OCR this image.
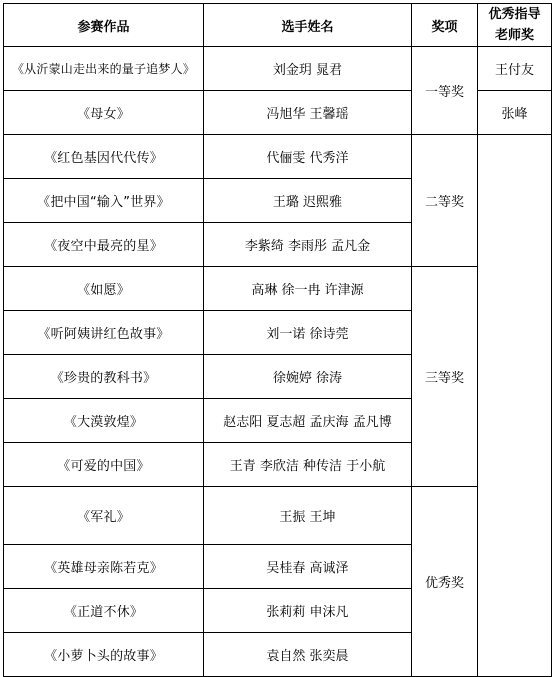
参赛作品	选手姓名	奖项	优秀指导
老师奖

《从沂蒙山走出来的量子追梦人》	刘金玥 晁君	一等奖	王付友
《母女》	冯旭华 王馨瑶		张峰
《红色基因代代传》	代俪雯 代秀洋	二等奖	
《把中国“输入”世界》	王璐 迟熙雅		
《夜空中最亮的星》	李紫绮 李雨彤 孟凡金		
《如愿》	高琳 徐一冉 许津源	三等奖	
《听阿姨讲红色故事》	刘一诺 徐诗莞		
《珍贵的教科书》	徐婉婷 徐涛		
《大漠敦煌》	赵志阳 夏志超 孟庆海 孟凡博		
《可爱的中国》	王青 李欣洁 种传洁 于小航		
《军礼》	王振 王坤	优秀奖	
《英雄母亲陈若克》	吴桂春 高诚泽		
《正道不休》	张莉莉 申沫凡		
《小萝卜头的故事》	袁自然 张奕晨		
